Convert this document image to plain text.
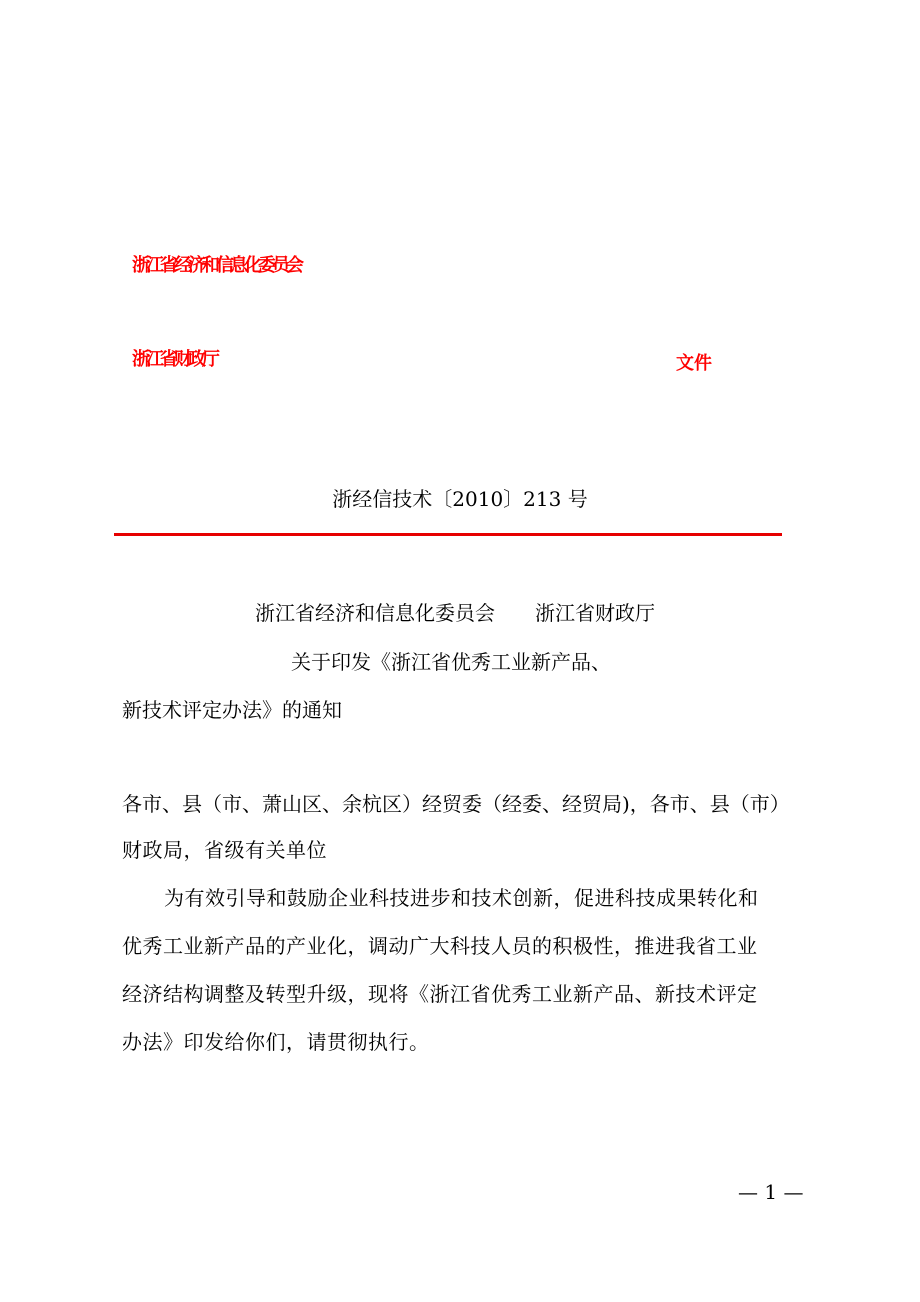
浙江省经济和信息化委员会
浙江省财政厅	文件
浙经信技术〔2010〕213 号
浙江省经济和信息化委员会　　浙江省财政厅
关于印发《浙江省优秀工业新产品、
新技术评定办法》的通知
各市、县（市、萧山区、余杭区）经贸委（经委、经贸局)，各市、县（市）
财政局，省级有关单位
为有效引导和鼓励企业科技进步和技术创新，促进科技成果转化和
优秀工业新产品的产业化，调动广大科技人员的积极性，推进我省工业
经济结构调整及转型升级，现将《浙江省优秀工业新产品、新技术评定
办法》印发给你们，请贯彻执行。
— 1 —
